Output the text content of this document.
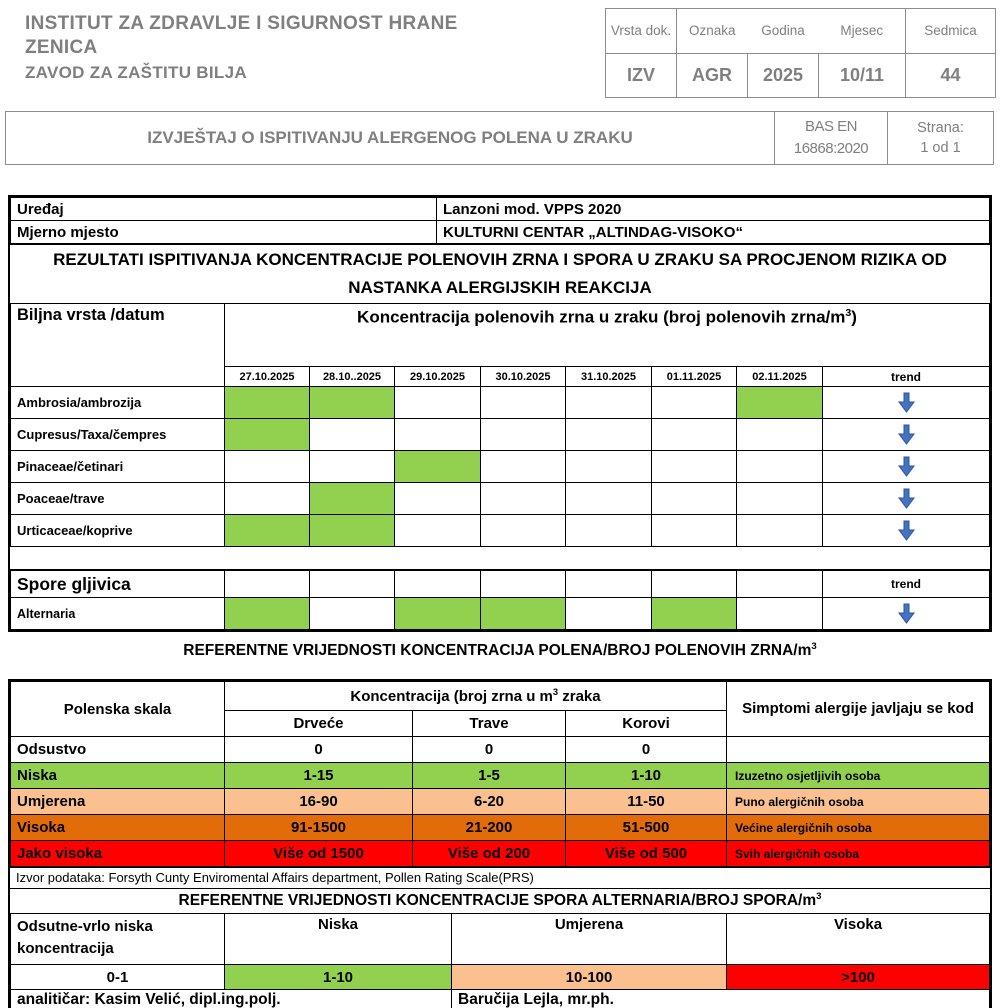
INSTITUT ZA ZDRAVLJE I SIGURNOST HRANE
ZENICA
ZAVOD ZA ZAŠTITU BILJA
Vrsta dok.	Oznaka	Godina	Mjesec	Sedmica
IZV	AGR	2025	10/11	44
IZVJEŠTAJ O ISPITIVANJU ALERGENOG POLENA U ZRAKU
BAS EN
16868:2020
Strana:
1 od 1
Uređaj	Lanzoni mod. VPPS 2020
Mjerno mjesto	KULTURNI CENTAR „ALTINDAG-VISOKO“
REZULTATI ISPITIVANJA KONCENTRACIJE POLENOVIH ZRNA I SPORA U ZRAKU SA PROCJENOM RIZIKA OD NASTANKA ALERGIJSKIH REAKCIJA
Biljna vrsta /datum	Koncentracija polenovih zrna u zraku (broj polenovih zrna/$m^3$)							
	27.10.2025	28.10..2025	29.10.2025	30.10.2025	31.10.2025	01.11.2025	02.11.2025	trend
Ambrosia/ambrozija								
Cupresus/Taxa/čempres								
Pinaceae/četinari								
Poaceae/trave								
Urticaceae/koprive								

Spore gljivica								trend
Alternaria								
REFERENTNE VRIJEDNOSTI KONCENTRACIJA POLENA/BROJ POLENOVIH ZRNA/$m^3$
Polenska skala	Koncentracija (broj zrna u $m^3$ zraka			Simptomi alergije javljaju se kod
	Drveće	Trave	Korovi	
Odsustvo	0	0	0	
Niska	1-15	1-5	1-10	Izuzetno osjetljivih osoba
Umjerena	16-90	6-20	11-50	Puno alergičnih osoba
Visoka	91-1500	21-200	51-500	Većine alergičnih osoba
Jako visoka	Više od 1500	Više od 200	Više od 500	Svih alergičnih osoba
Izvor podataka: Forsyth Cunty Enviromental Affairs department, Pollen Rating Scale(PRS)
REFERENTNE VRIJEDNOSTI KONCENTRACIJE SPORA ALTERNARIA/BROJ SPORA/$m^3$
Odsutne-vrlo niska koncentracija	Niska	Umjerena	Visoka
0-1	1-10	10-100	>100
analitičar: Kasim Velić, dipl.ing.polj.		Baručija Lejla, mr.ph.	
